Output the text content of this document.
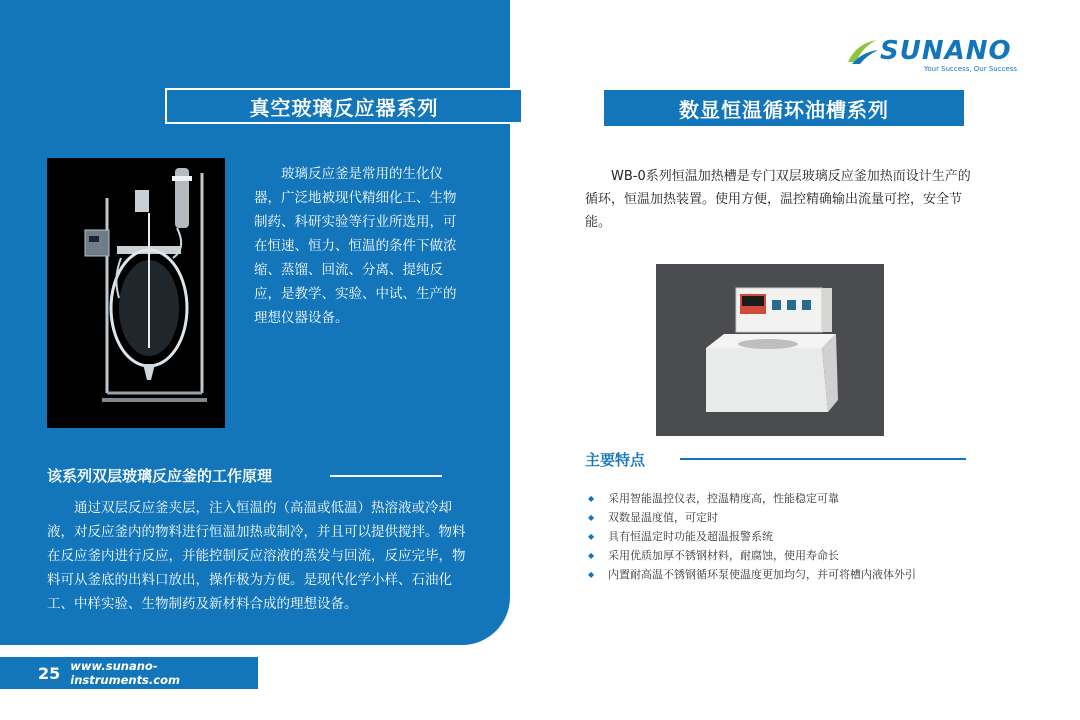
真空玻璃反应器系列

玻璃反应釜是常用的生化仪器，广泛地被现代精细化工、生物制药、科研实验等行业所选用，可在恒速、恒力、恒温的条件下做浓缩、蒸馏、回流、分离、提纯反应，是教学、实验、中试、生产的理想仪器设备。

该系列双层玻璃反应釜的工作原理

通过双层反应釜夹层，注入恒温的（高温或低温）热溶液或冷却液，对反应釜内的物料进行恒温加热或制冷，并且可以提供搅拌。物料在反应釜内进行反应，并能控制反应溶液的蒸发与回流，反应完毕，物料可从釜底的出料口放出，操作极为方便。是现代化学小样、石油化工、中样实验、生物制药及新材料合成的理想设备。

25 www.sunano-instruments.com
SUNANO
Your Success, Our Success
数显恒温循环油槽系列

WB-0系列恒温加热槽是专门双层玻璃反应釜加热而设计生产的循环，恒温加热装置。使用方便，温控精确输出流量可控，安全节能。

主要特点
◆	采用智能温控仪表，控温精度高，性能稳定可靠
◆	双数显温度值，可定时
◆	具有恒温定时功能及超温报警系统
◆	采用优质加厚不锈钢材料，耐腐蚀，使用寿命长
◆	内置耐高温不锈钢循环泵使温度更加均匀，并可将槽内液体外引
